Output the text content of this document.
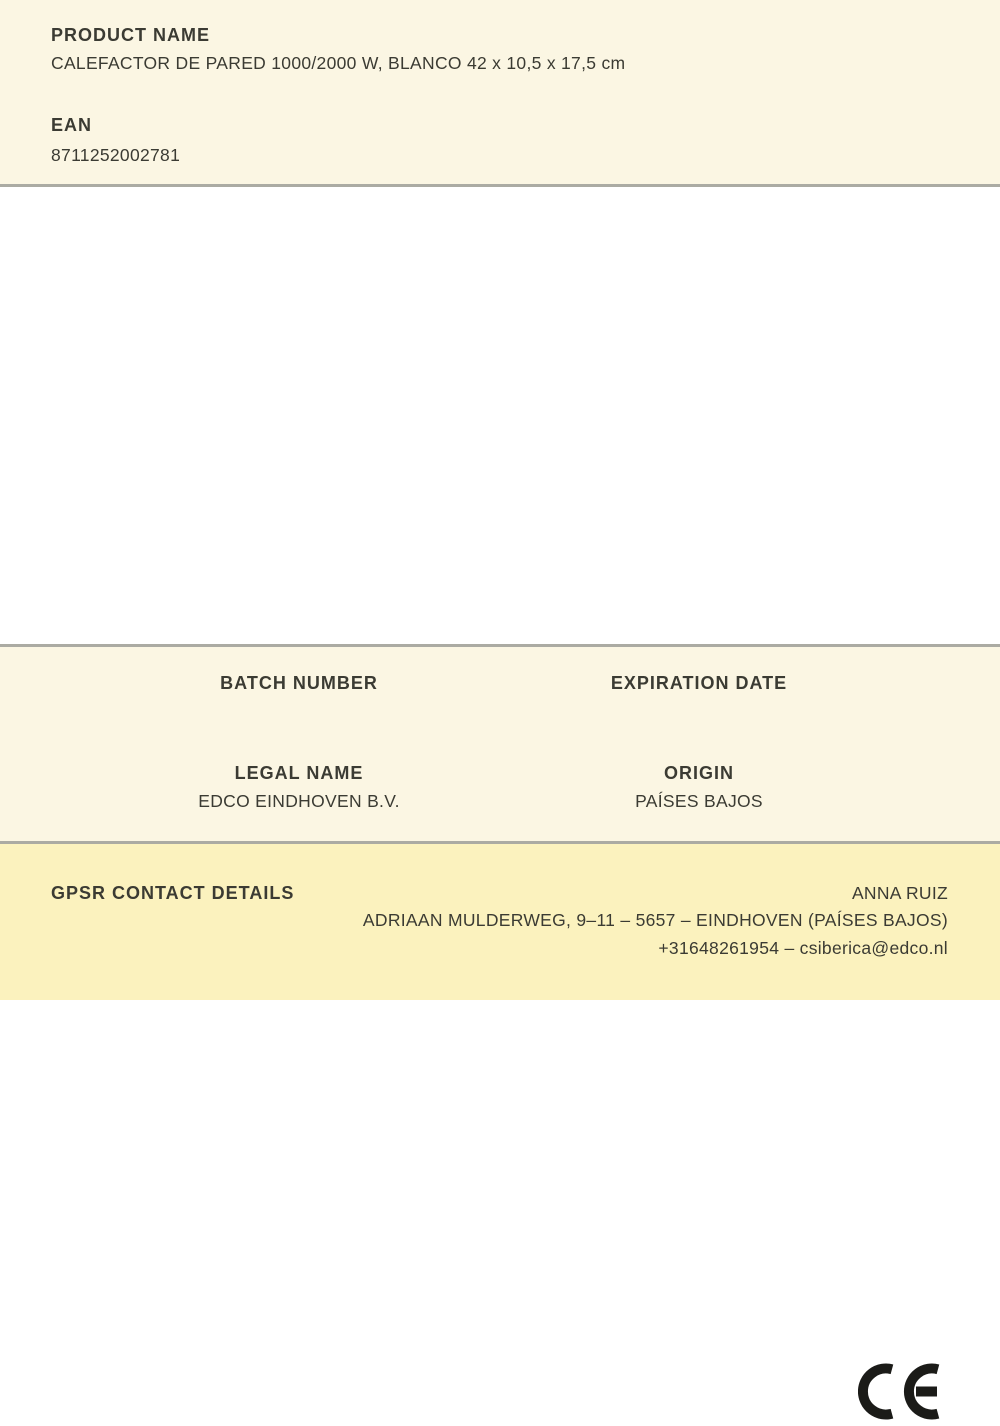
PRODUCT NAME
CALEFACTOR DE PARED 1000/2000 W, BLANCO 42 x 10,5 x 17,5 cm
EAN
8711252002781
BATCH NUMBER	EXPIRATION DATE
LEGAL NAME
EDCO EINDHOVEN B.V.
ORIGIN
PAÍSES BAJOS
GPSR CONTACT DETAILS	ANNA RUIZ
ADRIAAN MULDERWEG, 9–11 – 5657 – EINDHOVEN (PAÍSES BAJOS)
+31648261954 – csiberica@edco.nl
